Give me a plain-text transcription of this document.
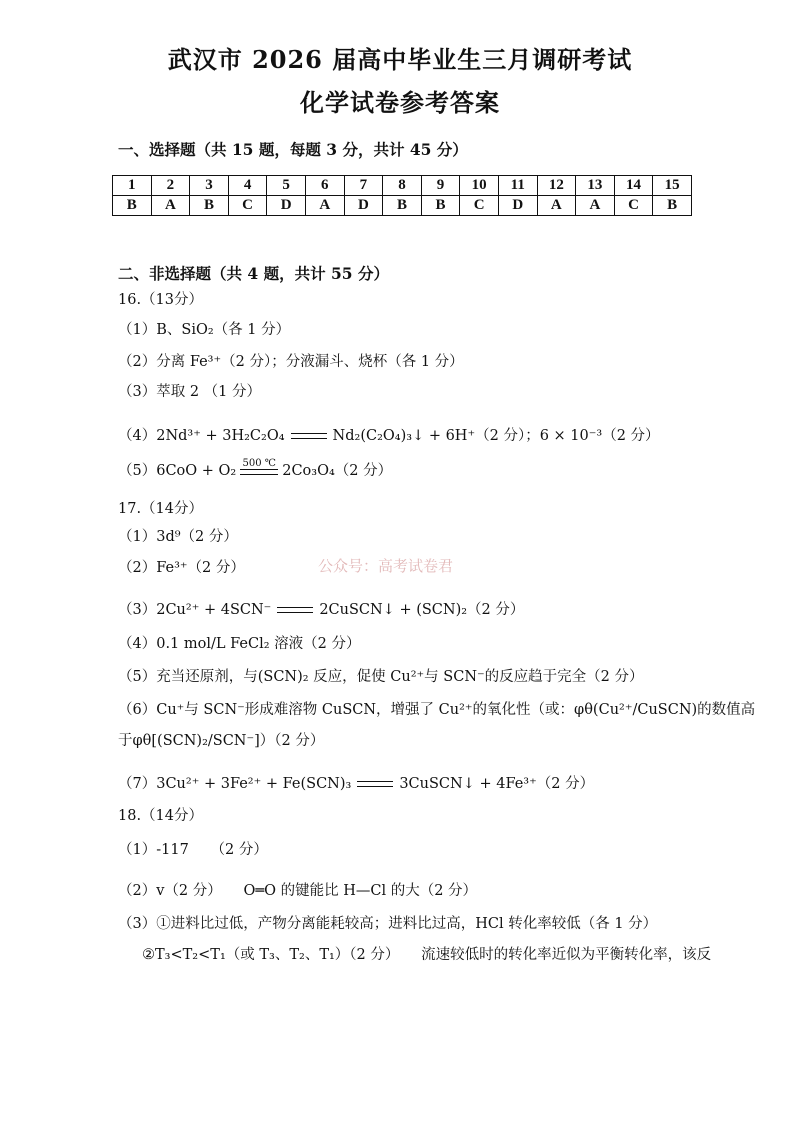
武汉市 2026 届高中毕业生三月调研考试
化学试卷参考答案
一、选择题（共 15 题，每题 3 分，共计 45 分）
1	2	3	4	5	6	7	8	9	10	11	12	13	14	15
B	A	B	C	D	A	D	B	B	C	D	A	A	C	B
二、非选择题（共 4 题，共计 55 分）
16.（13分）
（1）B、SiO₂（各 1 分）
（2）分离 Fe³⁺（2 分）；分液漏斗、烧杯（各 1 分）
（3）萃取 2 （1 分）
（4）2Nd³⁺ + 3H₂C₂O₄	Nd₂(C₂O₄)₃↓ + 6H⁺（2 分）；6 × 10⁻³（2 分）
（5）6CoO + O₂ 500 ℃ 2Co₃O₄（2 分）
17.（14分）
（1）3d⁹（2 分）
（2）Fe³⁺（2 分）	公众号：高考试卷君
（3）2Cu²⁺ + 4SCN⁻	2CuSCN↓ + (SCN)₂（2 分）
（4）0.1 mol/L FeCl₂ 溶液（2 分）
（5）充当还原剂，与(SCN)₂ 反应，促使 Cu²⁺与 SCN⁻的反应趋于完全（2 分）
（6）Cu⁺与 SCN⁻形成难溶物 CuSCN，增强了 Cu²⁺的氧化性（或：φθ(Cu²⁺/CuSCN)的数值高
于φθ[(SCN)₂/SCN⁻]）（2 分）
（7）3Cu²⁺ + 3Fe²⁺ + Fe(SCN)₃	3CuSCN↓ + 4Fe³⁺（2 分）
18.（14分）
（1）-117　　（2 分）
（2）v（2 分）　　O═O 的键能比 H—Cl 的大（2 分）
（3）①进料比过低，产物分离能耗较高；进料比过高，HCl 转化率较低（各 1 分）
②T₃<T₂<T₁（或 T₃、T₂、T₁）（2 分）　　流速较低时的转化率近似为平衡转化率，该反
